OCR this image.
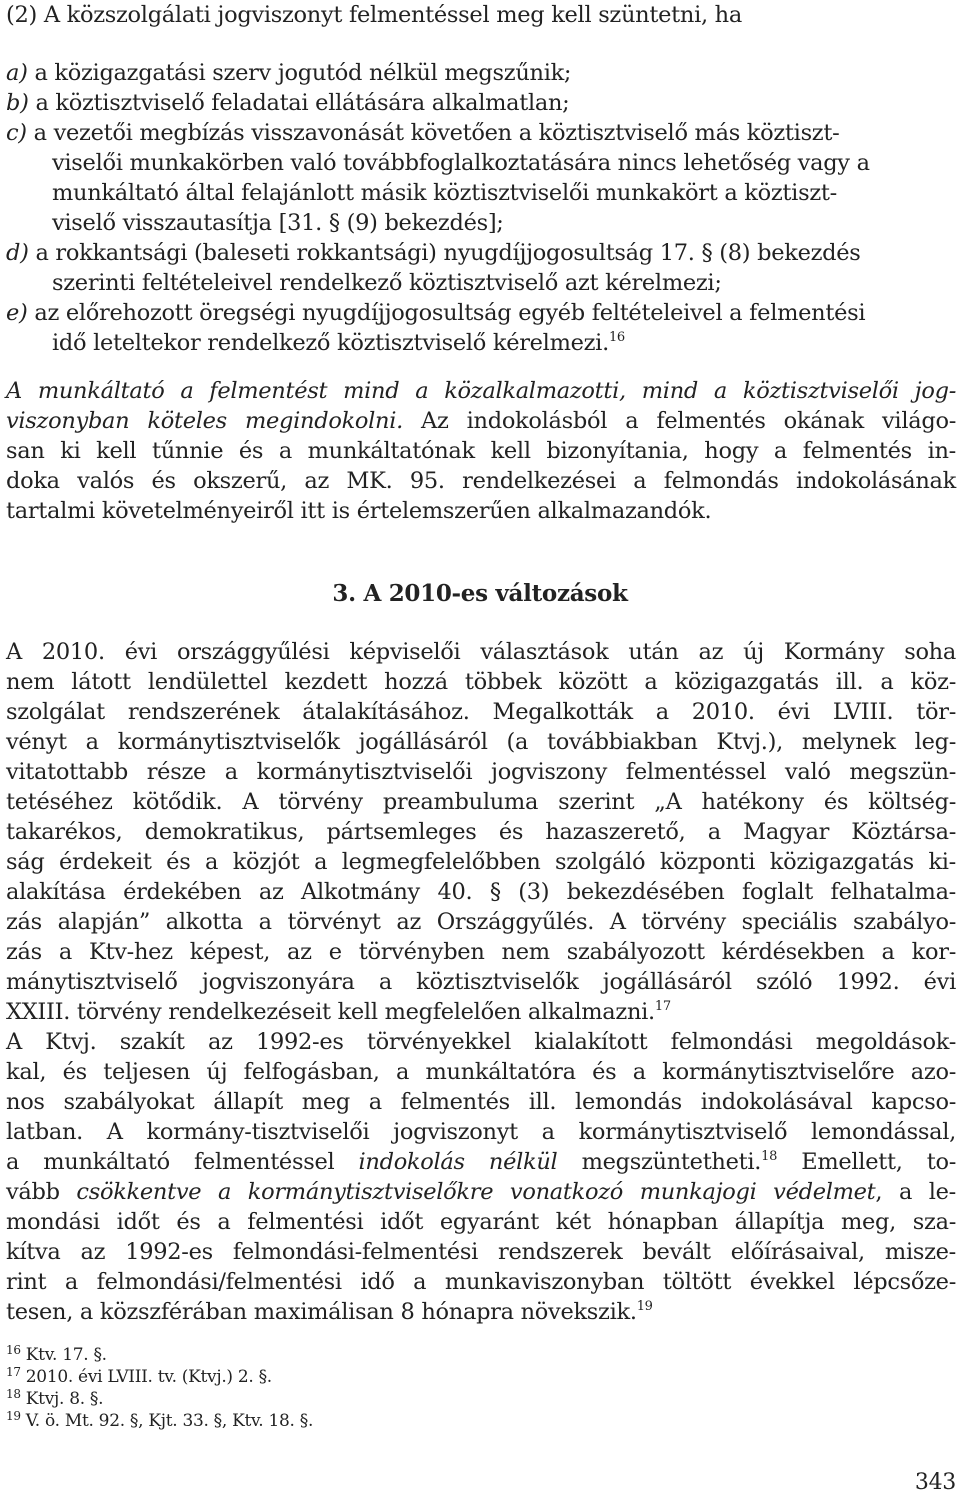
(2) A közszolgálati jogviszonyt felmentéssel meg kell szüntetni, ha
a) a közigazgatási szerv jogutód nélkül megszűnik;
b) a köztisztviselő feladatai ellátására alkalmatlan;
c) a vezetői megbízás visszavonását követően a köztisztviselő más köztiszt-
viselői munkakörben való továbbfoglalkoztatására nincs lehetőség vagy a
munkáltató által felajánlott másik köztisztviselői munkakört a köztiszt-
viselő visszautasítja [31. § (9) bekezdés];
d) a rokkantsági (baleseti rokkantsági) nyugdíjjogosultság 17. § (8) bekezdés
szerinti feltételeivel rendelkező köztisztviselő azt kérelmezi;
e) az előrehozott öregségi nyugdíjjogosultság egyéb feltételeivel a felmentési
idő leteltekor rendelkező köztisztviselő kérelmezi.$^{16}$
A munkáltató a felmentést mind a közalkalmazotti, mind a köztisztviselői jog-
viszonyban köteles megindokolni. Az indokolásból a felmentés okának világo-
san ki kell tűnnie és a munkáltatónak kell bizonyítania, hogy a felmentés in-
doka valós és okszerű, az MK. 95. rendelkezései a felmondás indokolásának
tartalmi követelményeiről itt is értelemszerűen alkalmazandók.
3. A 2010-es változások
A 2010. évi országgyűlési képviselői választások után az új Kormány soha
nem látott lendülettel kezdett hozzá többek között a közigazgatás ill. a köz-
szolgálat rendszerének átalakításához. Megalkották a 2010. évi LVIII. tör-
vényt a kormánytisztviselők jogállásáról (a továbbiakban Ktvj.), melynek leg-
vitatottabb része a kormánytisztviselői jogviszony felmentéssel való megszün-
tetéséhez kötődik. A törvény preambuluma szerint „A hatékony és költség-
takarékos, demokratikus, pártsemleges és hazaszerető, a Magyar Köztársa-
ság érdekeit és a közjót a legmegfelelőbben szolgáló központi közigazgatás ki-
alakítása érdekében az Alkotmány 40. § (3) bekezdésében foglalt felhatalma-
zás alapján” alkotta a törvényt az Országgyűlés. A törvény speciális szabályo-
zás a Ktv-hez képest, az e törvényben nem szabályozott kérdésekben a kor-
mánytisztviselő jogviszonyára a köztisztviselők jogállásáról szóló 1992. évi
XXIII. törvény rendelkezéseit kell megfelelően alkalmazni.$^{17}$
A Ktvj. szakít az 1992-es törvényekkel kialakított felmondási megoldások-
kal, és teljesen új felfogásban, a munkáltatóra és a kormánytisztviselőre azo-
nos szabályokat állapít meg a felmentés ill. lemondás indokolásával kapcso-
latban. A kormány-tisztviselői jogviszonyt a kormánytisztviselő lemondással,
a munkáltató felmentéssel indokolás nélkül megszüntetheti.$^{18}$ Emellett, to-
vább csökkentve a kormánytisztviselőkre vonatkozó munkajogi védelmet, a le-
mondási időt és a felmentési időt egyaránt két hónapban állapítja meg, sza-
kítva az 1992-es felmondási-felmentési rendszerek bevált előírásaival, misze-
rint a felmondási/felmentési idő a munkaviszonyban töltött évekkel lépcsőze-
tesen, a közszférában maximálisan 8 hónapra növekszik.$^{19}$
$^{16}$ Ktv. 17. §.
$^{17}$ 2010. évi LVIII. tv. (Ktvj.) 2. §.
$^{18}$ Ktvj. 8. §.
$^{19}$ V. ö. Mt. 92. §, Kjt. 33. §, Ktv. 18. §.
343
